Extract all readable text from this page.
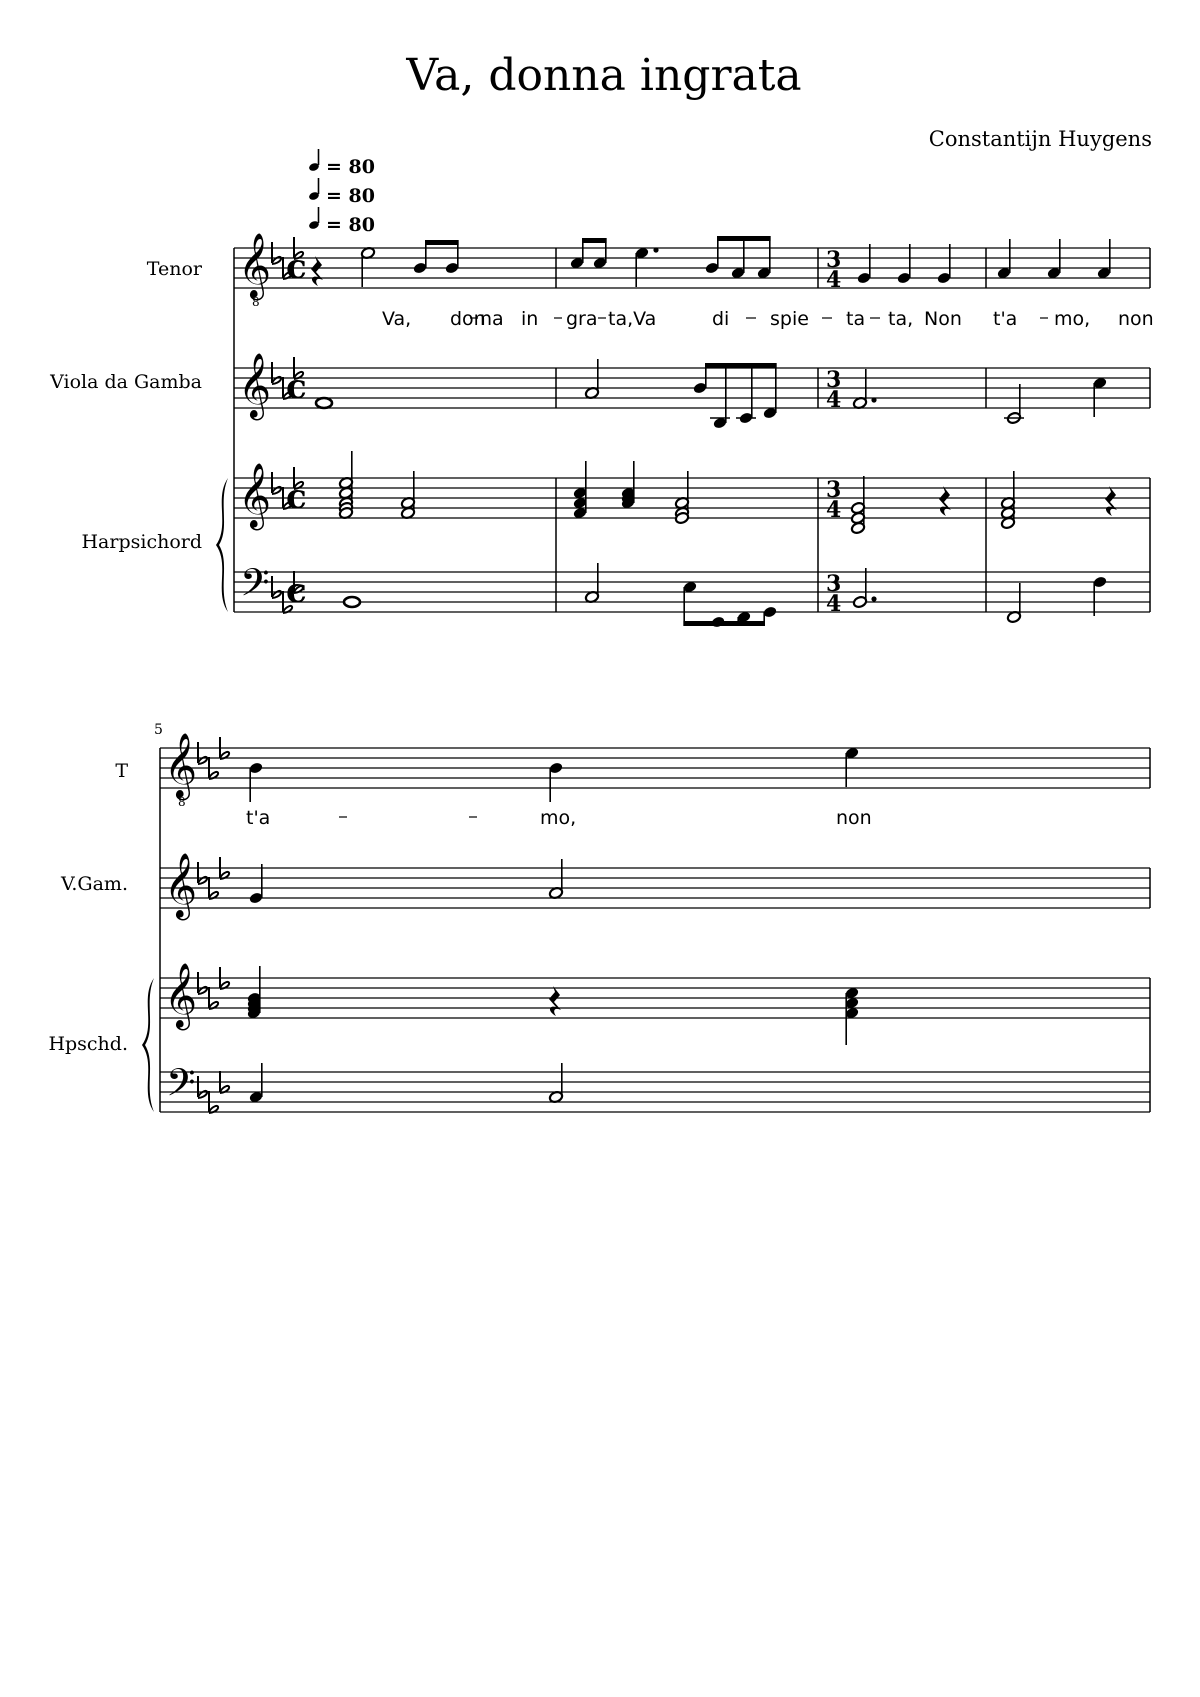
Va, donna ingrata
Constantijn Huygens
= 80
= 80
= 80
Tenor
Viola da Gamba
Harpsichord
T
V.Gam.
Hpschd.
5
Va, don
na in gra ta,Va	di spie ta ta, Non t'a mo, non
t'a	mo,	non
𝄞
8
𝄞
𝄞
𝄢
𝄞
8
𝄞
𝄞
𝄢
c
c
c
c
3
4
3
4
3
4
3
4
